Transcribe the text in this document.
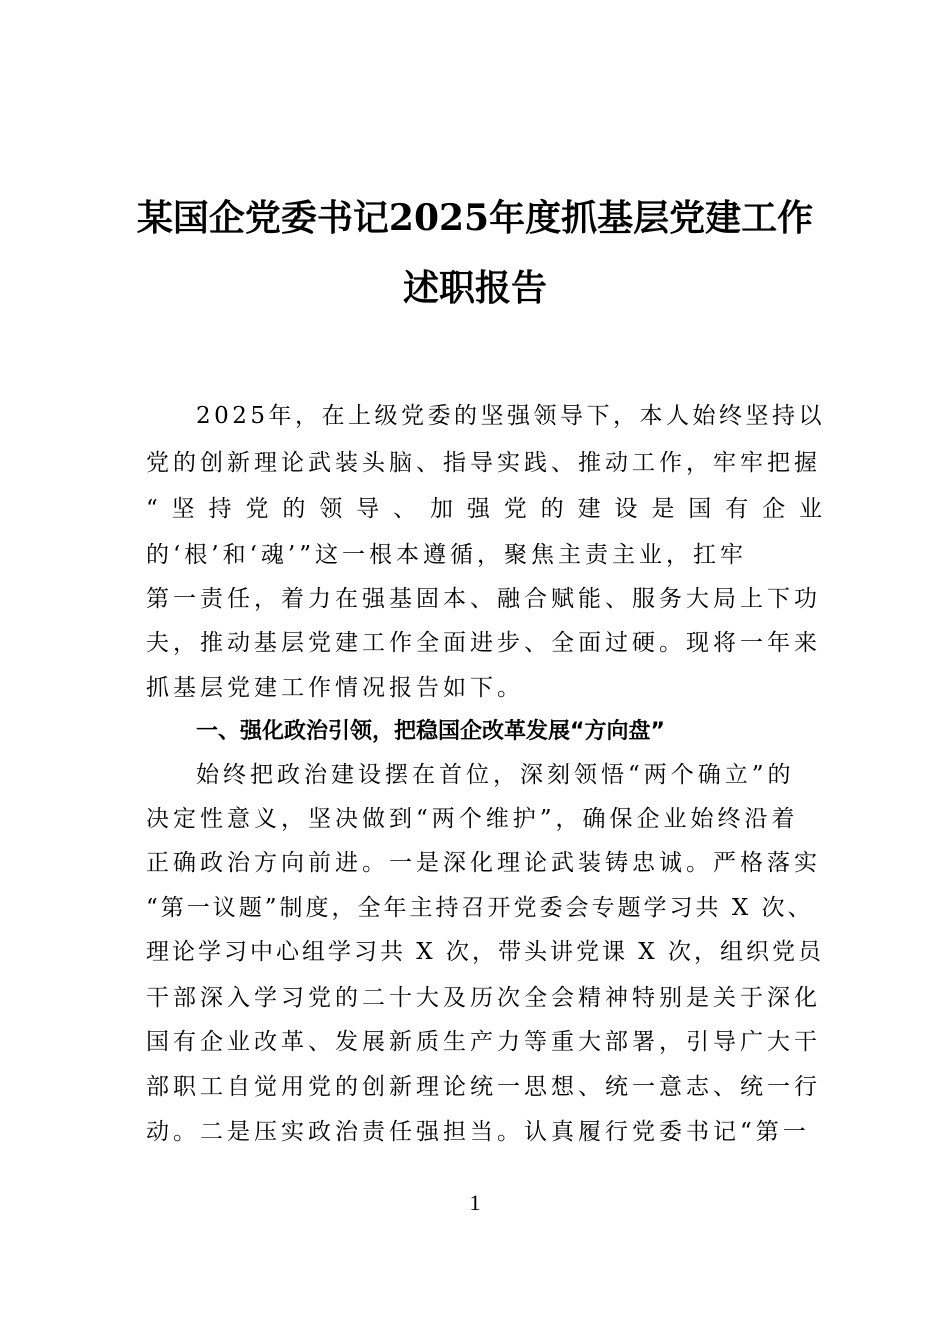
某国企党委书记2025年度抓基层党建工作
述职报告
2025年，在上级党委的坚强领导下，本人始终坚持以
党的创新理论武装头脑、指导实践、推动工作，牢牢把握
“坚持党的领导、加强党的建设是国有企业
的‘根’和‘魂’”这一根本遵循，聚焦主责主业，扛牢
第一责任，着力在强基固本、融合赋能、服务大局上下功
夫，推动基层党建工作全面进步、全面过硬。现将一年来
抓基层党建工作情况报告如下。
一、强化政治引领，把稳国企改革发展“方向盘”
始终把政治建设摆在首位，深刻领悟“两个确立”的
决定性意义，坚决做到“两个维护”，确保企业始终沿着
正确政治方向前进。一是深化理论武装铸忠诚。严格落实
“第一议题”制度，全年主持召开党委会专题学习共 X 次、
理论学习中心组学习共 X 次，带头讲党课 X 次，组织党员
干部深入学习党的二十大及历次全会精神特别是关于深化
国有企业改革、发展新质生产力等重大部署，引导广大干
部职工自觉用党的创新理论统一思想、统一意志、统一行
动。二是压实政治责任强担当。认真履行党委书记“第一
1
